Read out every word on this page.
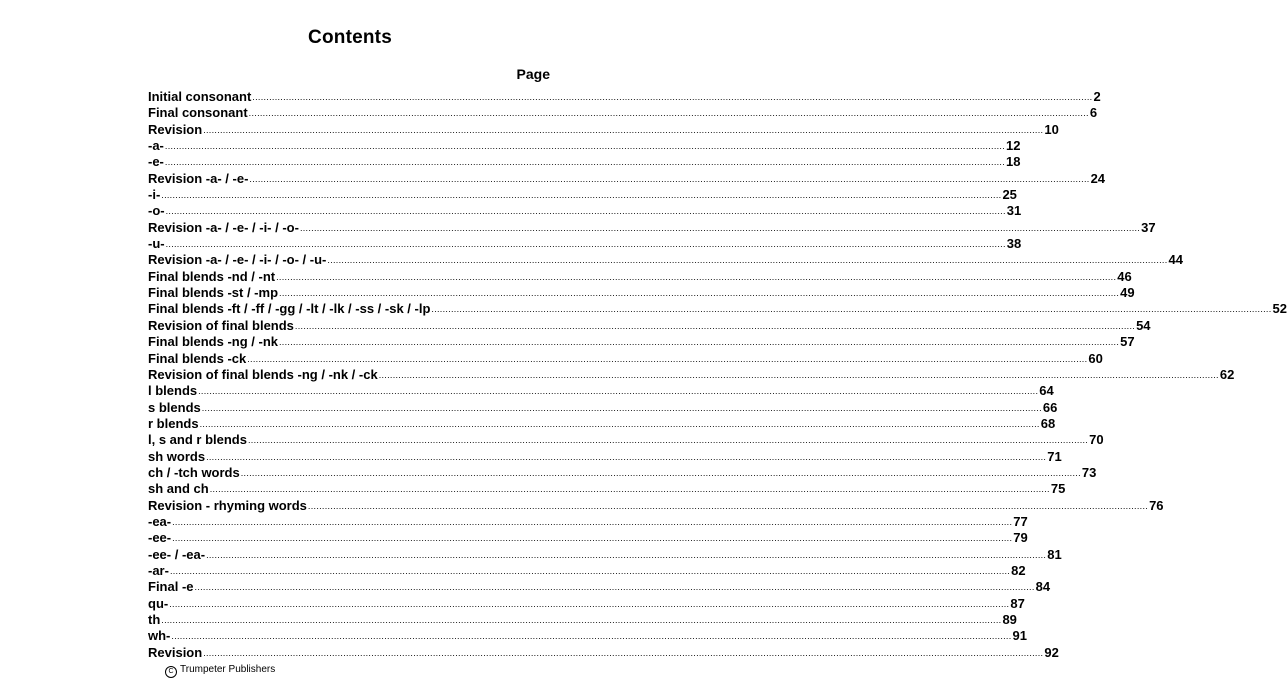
Contents
Page
Initial consonant ............................................................................................................................................................................................................................................................................................................ 2
Final consonant ............................................................................................................................................................................................................................................................................................................ 6
Revision ............................................................................................................................................................................................................................................................................................................ 10
-a- ............................................................................................................................................................................................................................................................................................................ 12
-e- ............................................................................................................................................................................................................................................................................................................ 18
Revision -a- / -e- ............................................................................................................................................................................................................................................................................................................ 24
-i- ............................................................................................................................................................................................................................................................................................................ 25
-o- ............................................................................................................................................................................................................................................................................................................ 31
Revision -a- / -e- / -i- / -o- ............................................................................................................................................................................................................................................................................................................ 37
-u- ............................................................................................................................................................................................................................................................................................................ 38
Revision -a- / -e- / -i- / -o- / -u- ............................................................................................................................................................................................................................................................................................................ 44
Final blends -nd / -nt ............................................................................................................................................................................................................................................................................................................ 46
Final blends -st / -mp ............................................................................................................................................................................................................................................................................................................ 49
Final blends -ft / -ff / -gg / -lt / -lk / -ss / -sk / -lp ............................................................................................................................................................................................................................................................................................................ 52
Revision of final blends ............................................................................................................................................................................................................................................................................................................ 54
Final blends -ng / -nk ............................................................................................................................................................................................................................................................................................................ 57
Final blends -ck ............................................................................................................................................................................................................................................................................................................ 60
Revision of final blends -ng / -nk / -ck ............................................................................................................................................................................................................................................................................................................ 62
l blends ............................................................................................................................................................................................................................................................................................................ 64
s blends ............................................................................................................................................................................................................................................................................................................ 66
r blends ............................................................................................................................................................................................................................................................................................................ 68
l, s and r blends ............................................................................................................................................................................................................................................................................................................ 70
sh words ............................................................................................................................................................................................................................................................................................................ 71
ch / -tch words ............................................................................................................................................................................................................................................................................................................ 73
sh and ch ............................................................................................................................................................................................................................................................................................................ 75
Revision - rhyming words ............................................................................................................................................................................................................................................................................................................ 76
-ea- ............................................................................................................................................................................................................................................................................................................ 77
-ee- ............................................................................................................................................................................................................................................................................................................ 79
-ee- / -ea- ............................................................................................................................................................................................................................................................................................................ 81
-ar- ............................................................................................................................................................................................................................................................................................................ 82
Final -e ............................................................................................................................................................................................................................................................................................................ 84
qu- ............................................................................................................................................................................................................................................................................................................ 87
th ............................................................................................................................................................................................................................................................................................................ 89
wh- ............................................................................................................................................................................................................................................................................................................ 91
Revision ............................................................................................................................................................................................................................................................................................................ 92
C Trumpeter Publishers
